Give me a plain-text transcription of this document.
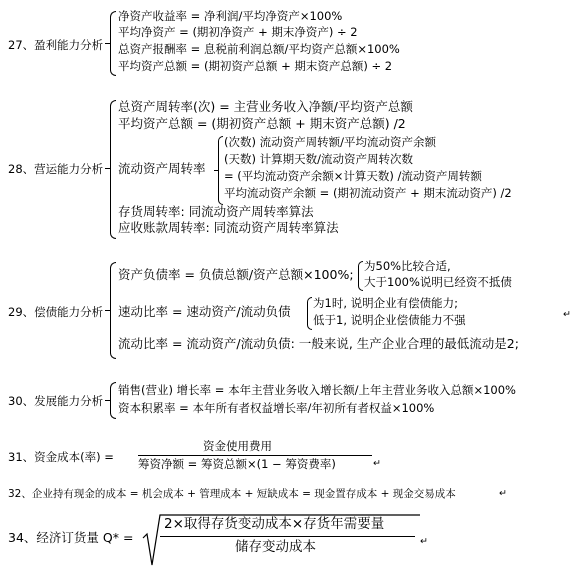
27、盈利能力分析
净资产收益率 = 净利润/平均净资产×100%
平均净资产 = (期初净资产 + 期末净资产) ÷ 2
总资产报酬率 = 息税前利润总额/平均资产总额×100%
平均资产总额 = (期初资产总额 + 期末资产总额) ÷ 2
28、营运能力分析
总资产周转率(次) = 主营业务收入净额/平均资产总额
平均资产总额 = (期初资产总额 + 期末资产总额) /2
流动资产周转率
(次数) 流动资产周转额/平均流动资产余额
(天数) 计算期天数/流动资产周转次数
= (平均流动资产余额×计算天数) /流动资产周转额
平均流动资产余额 = (期初流动资产 + 期末流动资产) /2
存货周转率: 同流动资产周转率算法
应收账款周转率: 同流动资产周转率算法
29、偿债能力分析
资产负债率 = 负债总额/资产总额×100%;
为50%比较合适,
大于100%说明已经资不抵债
速动比率 = 速动资产/流动负债
为1时, 说明企业有偿债能力;
低于1, 说明企业偿债能力不强	↵
流动比率 = 流动资产/流动负债: 一般来说, 生产企业合理的最低流动是2;
30、发展能力分析
销售(营业) 增长率 = 本年主营业务收入增长额/上年主营业务收入总额×100%
资本积累率 = 本年所有者权益增长率/年初所有者权益×100%
31、资金成本(率) =
资金使用费用
筹资净额 = 筹资总额×(1 − 筹资费率)	↵
32、企业持有现金的成本 = 机会成本 + 管理成本 + 短缺成本 = 现金置存成本 + 现金交易成本	↵
34、经济订货量 Q* =
2×取得存货变动成本×存货年需要量
储存变动成本	↵
